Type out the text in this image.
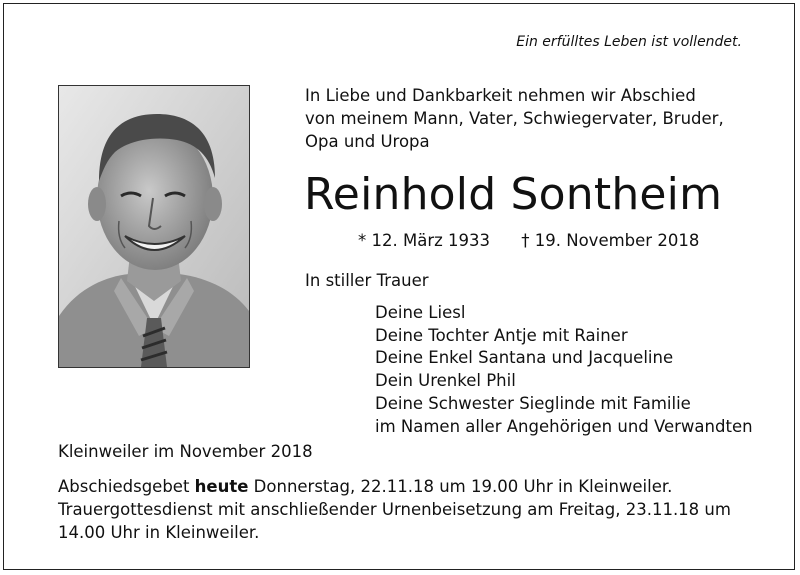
Ein erfülltes Leben ist vollendet.
In Liebe und Dankbarkeit nehmen wir Abschied
von meinem Mann, Vater, Schwiegervater, Bruder,
Opa und Uropa
Reinhold Sontheim
* 12. März 1933 † 19. November 2018
In stiller Trauer
Deine Liesl
Deine Tochter Antje mit Rainer
Deine Enkel Santana und Jacqueline
Dein Urenkel Phil
Deine Schwester Sieglinde mit Familie
im Namen aller Angehörigen und Verwandten
Kleinweiler im November 2018

Abschiedsgebet heute Donnerstag, 22.11.18 um 19.00 Uhr in Kleinweiler.

Trauergottesdienst mit anschließender Urnenbeisetzung am Freitag, 23.11.18 um

14.00 Uhr in Kleinweiler.
